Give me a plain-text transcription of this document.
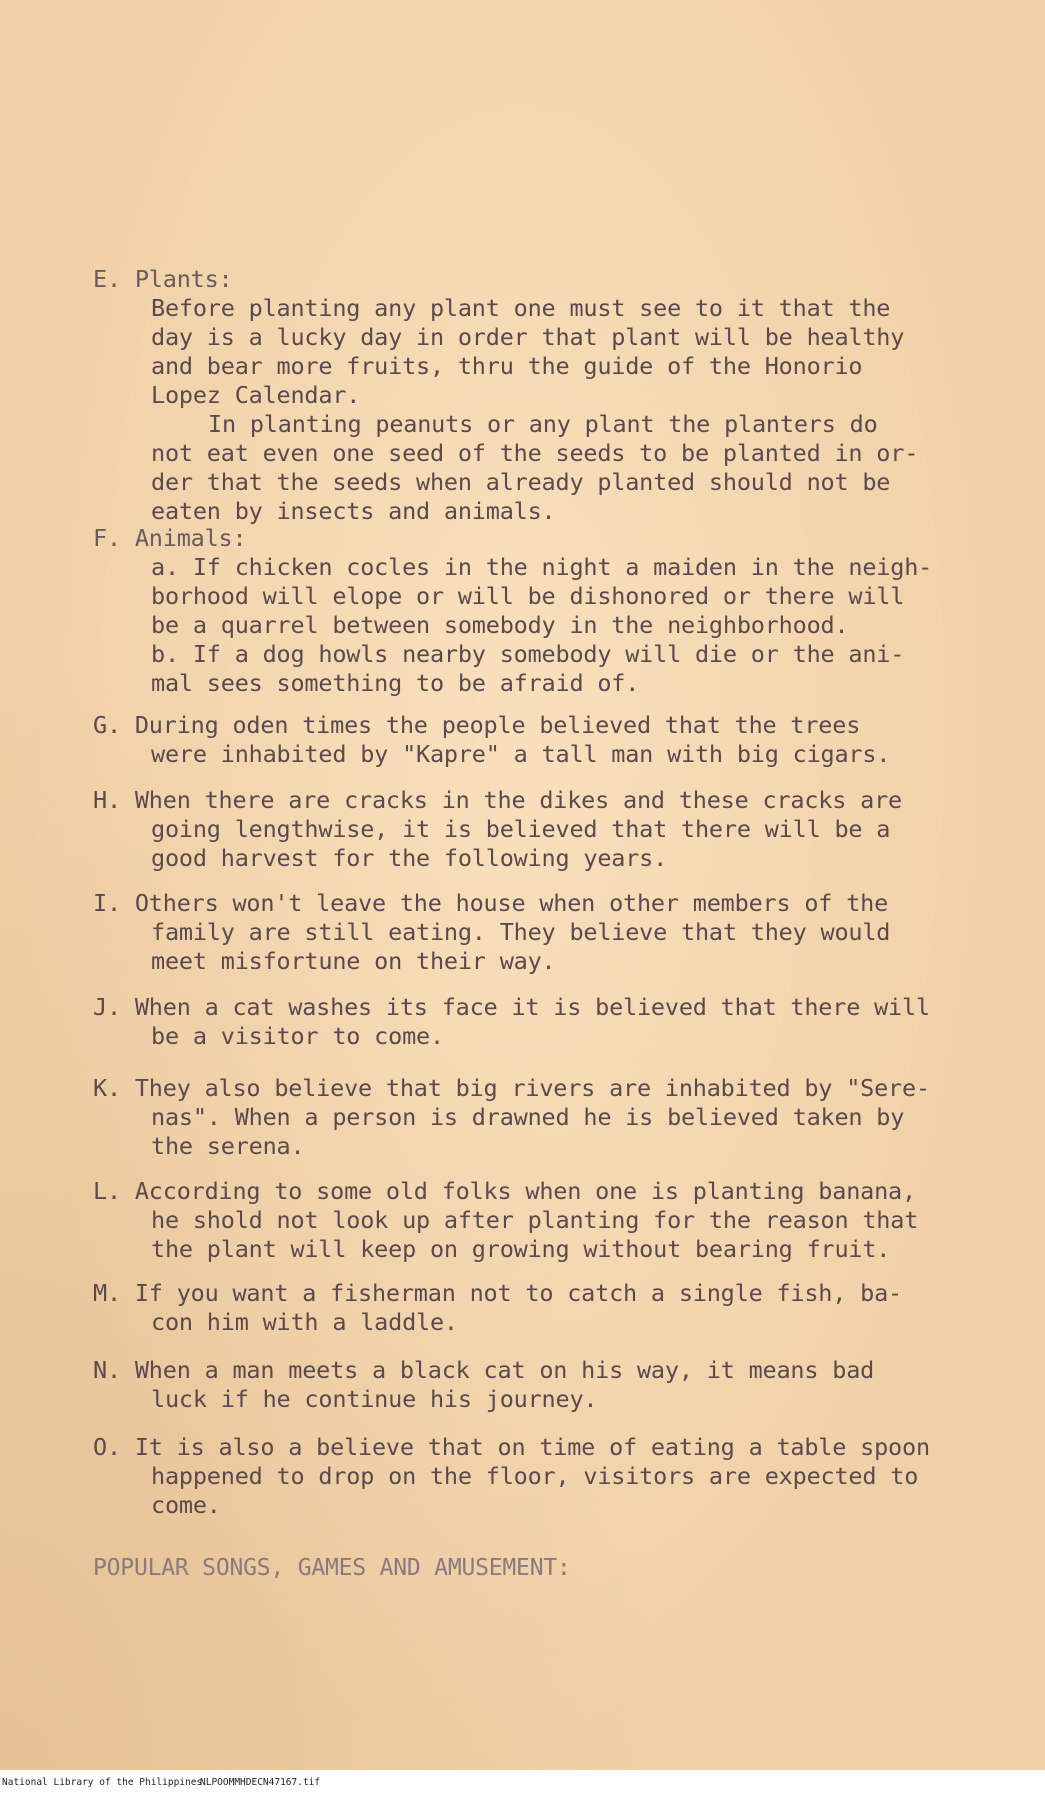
E. Plants:
Before planting any plant one must see to it that the
day is a lucky day in order that plant will be healthy
and bear more fruits, thru the guide of the Honorio
Lopez Calendar.
In planting peanuts or any plant the planters do
not eat even one seed of the seeds to be planted in or-
der that the seeds when already planted should not be
eaten by insects and animals.
F. Animals:
a. If chicken cocles in the night a maiden in the neigh-
borhood will elope or will be dishonored or there will
be a quarrel between somebody in the neighborhood.
b. If a dog howls nearby somebody will die or the ani-
mal sees something to be afraid of.
G. During oden times the people believed that the trees
were inhabited by "Kapre" a tall man with big cigars.
H. When there are cracks in the dikes and these cracks are
going lengthwise, it is believed that there will be a
good harvest for the following years.
I. Others won't leave the house when other members of the
family are still eating. They believe that they would
meet misfortune on their way.
J. When a cat washes its face it is believed that there will
be a visitor to come.
K. They also believe that big rivers are inhabited by "Sere-
nas". When a person is drawned he is believed taken by
the serena.
L. According to some old folks when one is planting banana,
he shold not look up after planting for the reason that
the plant will keep on growing without bearing fruit.
M. If you want a fisherman not to catch a single fish, ba-
con him with a laddle.
N. When a man meets a black cat on his way, it means bad
luck if he continue his journey.
O. It is also a believe that on time of eating a table spoon
happened to drop on the floor, visitors are expected to
come.
POPULAR SONGS, GAMES AND AMUSEMENT:
National Library of the Philippines
NLPOOMMHDECN47167.tif
